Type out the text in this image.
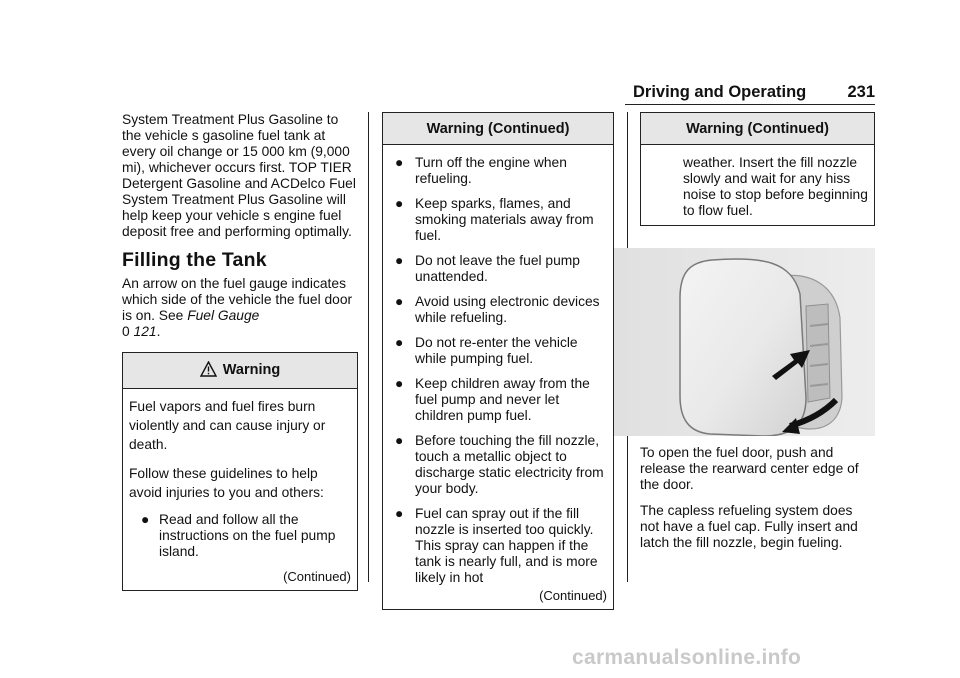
Driving and Operating 231

System Treatment Plus Gasoline to the vehicle s gasoline fuel tank at every oil change or 15 000 km (9,000 mi), whichever occurs first. TOP TIER Detergent Gasoline and ACDelco Fuel System Treatment Plus Gasoline will help keep your vehicle s engine fuel deposit free and performing optimally.

Filling the Tank

An arrow on the fuel gauge indicates which side of the vehicle the fuel door is on. See Fuel Gauge
0 121.

Warning

Fuel vapors and fuel fires burn violently and can cause injury or death.

Follow these guidelines to help avoid injuries to you and others:

● Read and follow all the instructions on the fuel pump island.
(Continued)
Warning (Continued)
● Turn off the engine when refueling.
● Keep sparks, flames, and smoking materials away from fuel.
● Do not leave the fuel pump unattended.
● Avoid using electronic devices while refueling.
● Do not re-enter the vehicle while pumping fuel.
● Keep children away from the fuel pump and never let children pump fuel.
● Before touching the fill nozzle, touch a metallic object to discharge static electricity from your body.
● Fuel can spray out if the fill nozzle is inserted too quickly. This spray can happen if the tank is nearly full, and is more likely in hot
(Continued)
Warning (Continued)

weather. Insert the fill nozzle slowly and wait for any hiss noise to stop before beginning to flow fuel.

To open the fuel door, push and release the rearward center edge of the door.

The capless refueling system does not have a fuel cap. Fully insert and latch the fill nozzle, begin fueling.

carmanualsonline.info
